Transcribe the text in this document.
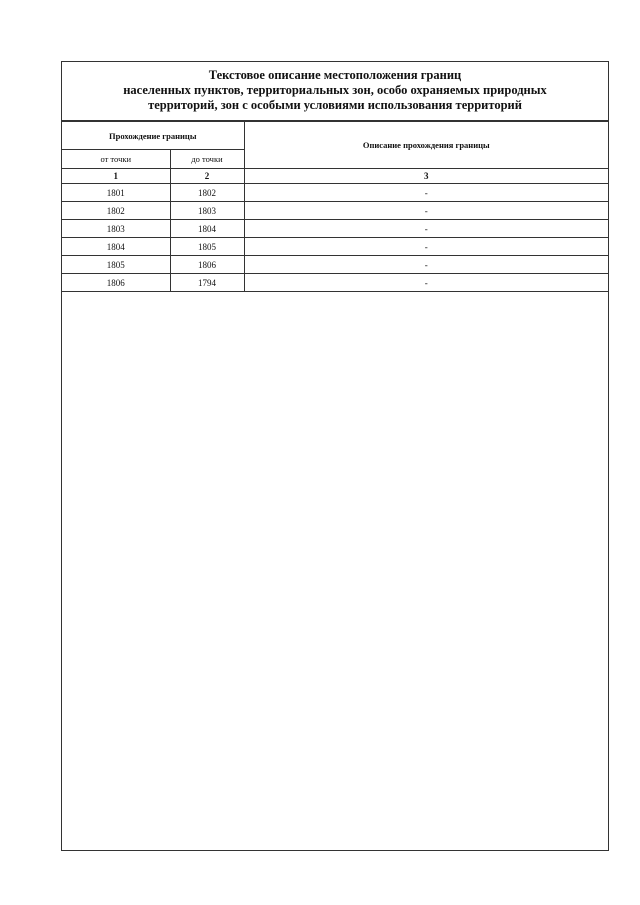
Текстовое описание местоположения границ
населенных пунктов, территориальных зон, особо охраняемых природных
территорий, зон с особыми условиями использования территорий
Прохождение границы		Описание прохождения границы
от точки	до точки	
1	2	3
1801	1802	-
1802	1803	-
1803	1804	-
1804	1805	-
1805	1806	-
1806	1794	-
